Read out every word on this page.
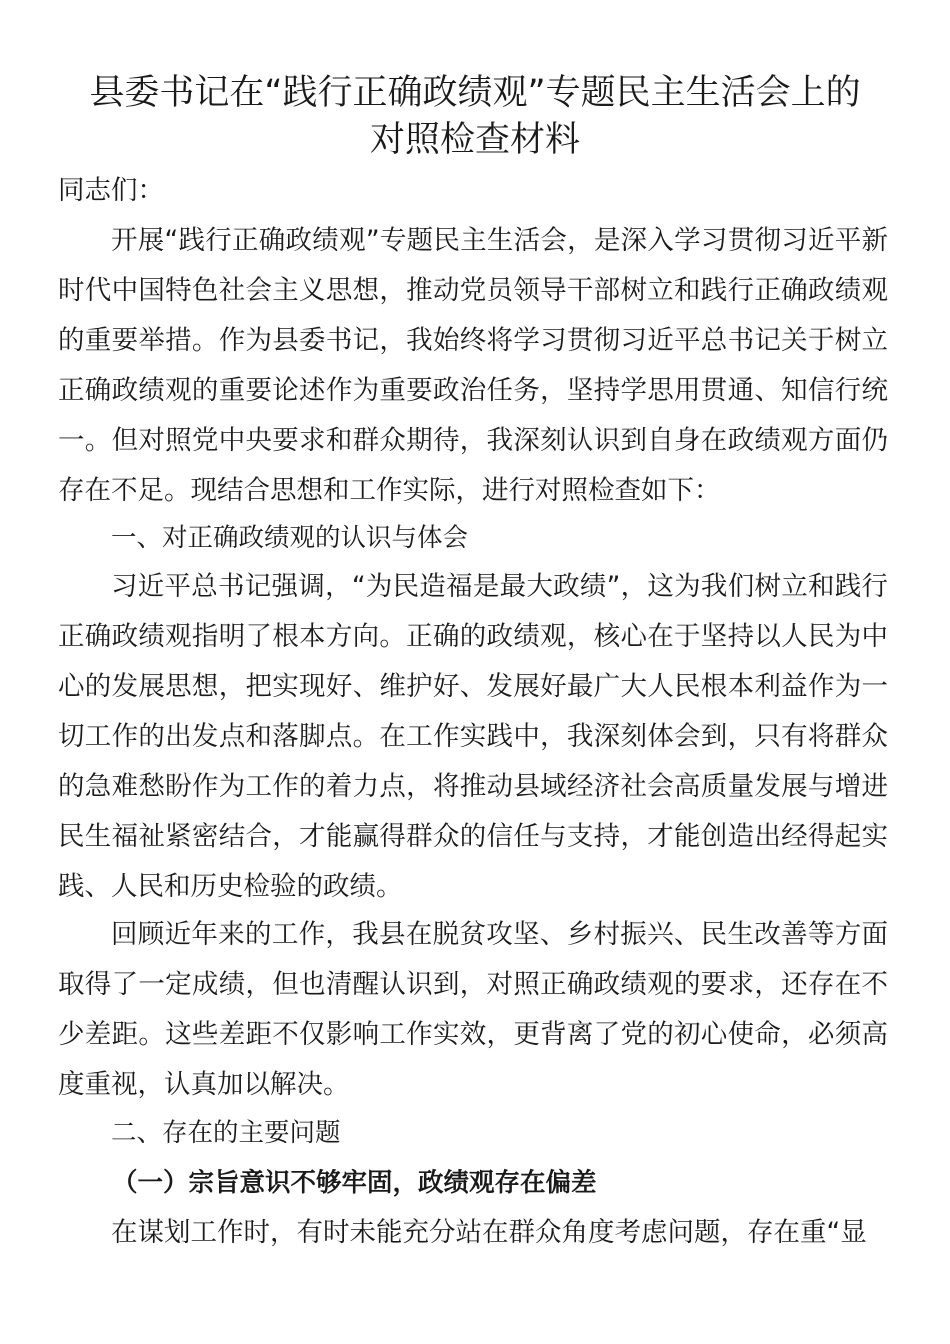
县委书记在“践行正确政绩观”专题民主生活会上的
对照检查材料

同志们：

开展“践行正确政绩观”专题民主生活会，是深入学习贯彻习近平新时代中国特色社会主义思想，推动党员领导干部树立和践行正确政绩观的重要举措。作为县委书记，我始终将学习贯彻习近平总书记关于树立正确政绩观的重要论述作为重要政治任务，坚持学思用贯通、知信行统一。但对照党中央要求和群众期待，我深刻认识到自身在政绩观方面仍存在不足。现结合思想和工作实际，进行对照检查如下：

一、对正确政绩观的认识与体会

习近平总书记强调，“为民造福是最大政绩”，这为我们树立和践行正确政绩观指明了根本方向。正确的政绩观，核心在于坚持以人民为中心的发展思想，把实现好、维护好、发展好最广大人民根本利益作为一切工作的出发点和落脚点。在工作实践中，我深刻体会到，只有将群众的急难愁盼作为工作的着力点，将推动县域经济社会高质量发展与增进民生福祉紧密结合，才能赢得群众的信任与支持，才能创造出经得起实践、人民和历史检验的政绩。

回顾近年来的工作，我县在脱贫攻坚、乡村振兴、民生改善等方面取得了一定成绩，但也清醒认识到，对照正确政绩观的要求，还存在不少差距。这些差距不仅影响工作实效，更背离了党的初心使命，必须高度重视，认真加以解决。

二、存在的主要问题

（一）宗旨意识不够牢固，政绩观存在偏差

在谋划工作时，有时未能充分站在群众角度考虑问题，存在重“显
